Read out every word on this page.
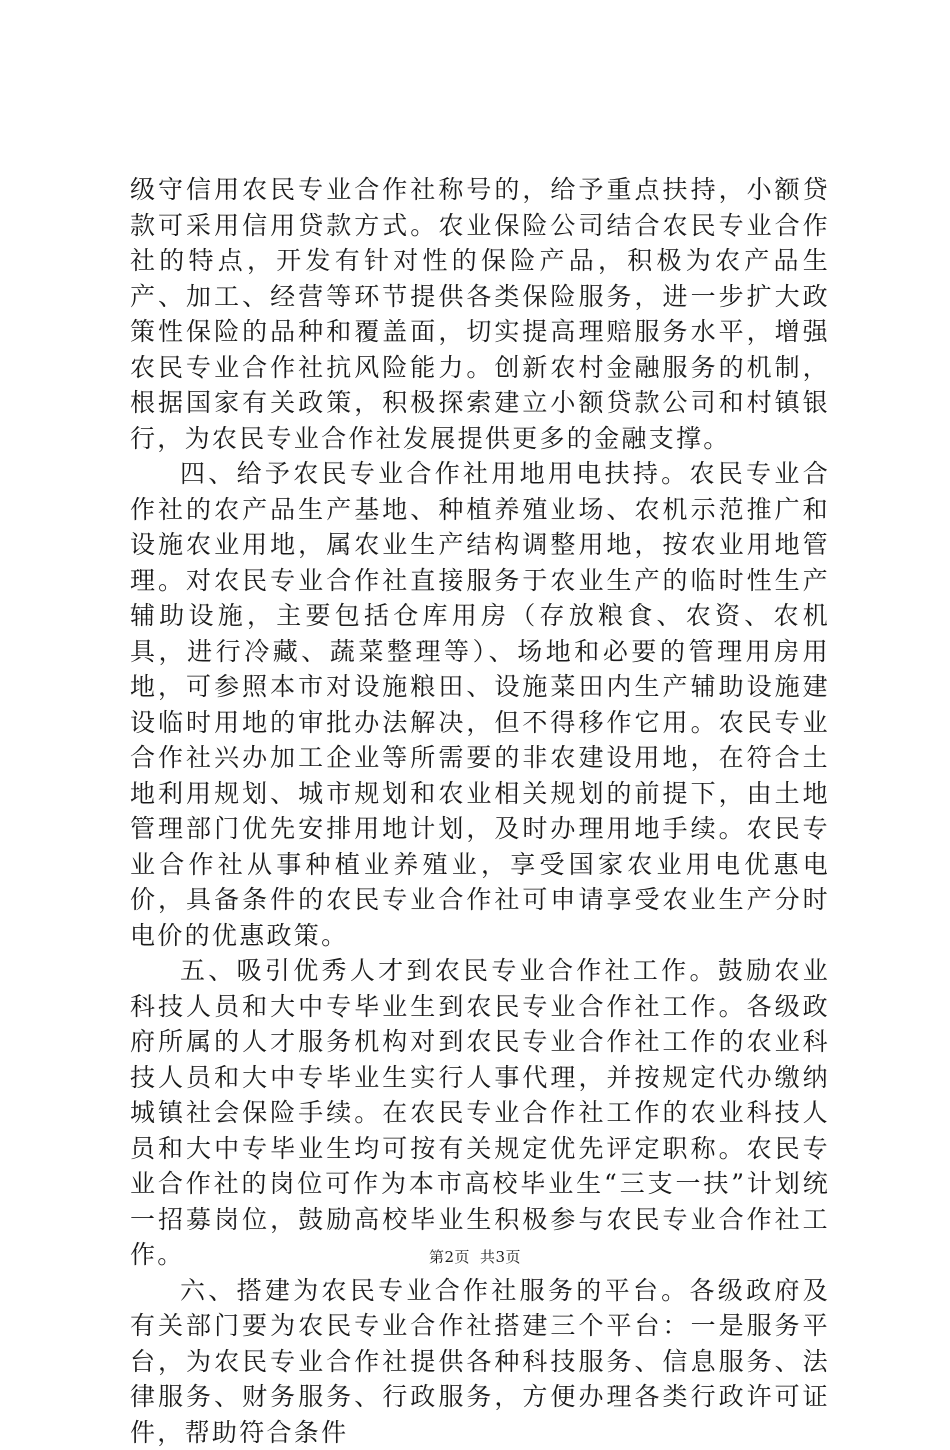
级守信用农民专业合作社称号的，给予重点扶持，小额贷款可采用信用贷款方式。农业保险公司结合农民专业合作社的特点，开发有针对性的保险产品，积极为农产品生产、加工、经营等环节提供各类保险服务，进一步扩大政策性保险的品种和覆盖面，切实提高理赔服务水平，增强农民专业合作社抗风险能力。创新农村金融服务的机制，根据国家有关政策，积极探索建立小额贷款公司和村镇银行，为农民专业合作社发展提供更多的金融支撑。

四、给予农民专业合作社用地用电扶持。农民专业合作社的农产品生产基地、种植养殖业场、农机示范推广和设施农业用地，属农业生产结构调整用地，按农业用地管理。对农民专业合作社直接服务于农业生产的临时性生产辅助设施，主要包括仓库用房（存放粮食、农资、农机具，进行冷藏、蔬菜整理等）、场地和必要的管理用房用地，可参照本市对设施粮田、设施菜田内生产辅助设施建设临时用地的审批办法解决，但不得移作它用。农民专业合作社兴办加工企业等所需要的非农建设用地，在符合土地利用规划、城市规划和农业相关规划的前提下，由土地管理部门优先安排用地计划，及时办理用地手续。农民专业合作社从事种植业养殖业，享受国家农业用电优惠电价，具备条件的农民专业合作社可申请享受农业生产分时电价的优惠政策。

五、吸引优秀人才到农民专业合作社工作。鼓励农业科技人员和大中专毕业生到农民专业合作社工作。各级政府所属的人才服务机构对到农民专业合作社工作的农业科技人员和大中专毕业生实行人事代理，并按规定代办缴纳城镇社会保险手续。在农民专业合作社工作的农业科技人员和大中专毕业生均可按有关规定优先评定职称。农民专业合作社的岗位可作为本市高校毕业生“三支一扶”计划统一招募岗位，鼓励高校毕业生积极参与农民专业合作社工作。

六、搭建为农民专业合作社服务的平台。各级政府及有关部门要为农民专业合作社搭建三个平台：一是服务平台，为农民专业合作社提供各种科技服务、信息服务、法律服务、财务服务、行政服务，方便办理各类行政许可证件，帮助符合条件

第2页 共3页
